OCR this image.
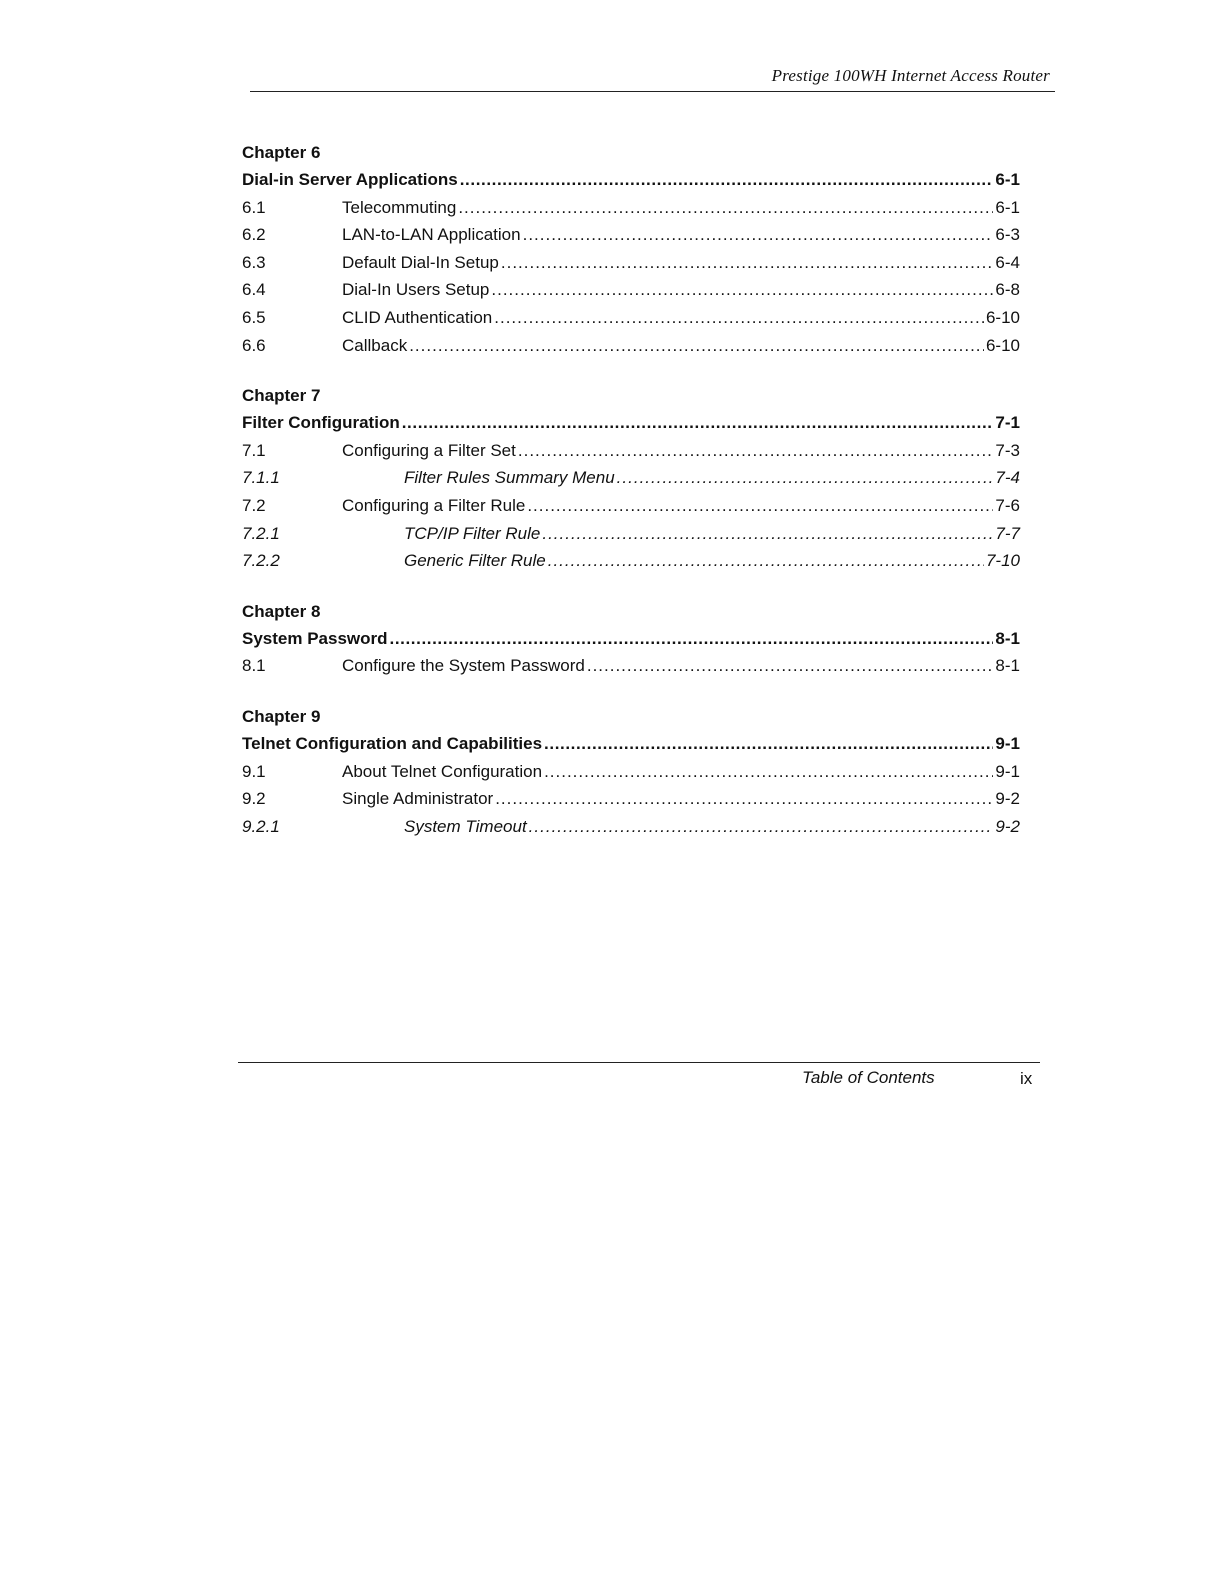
Prestige 100WH Internet Access Router
Chapter 6
Dial-in Server Applications .....	6-1
6.1	Telecommuting .....	6-1
6.2	LAN-to-LAN Application .....	6-3
6.3	Default Dial-In Setup .....	6-4
6.4	Dial-In Users Setup .....	6-8
6.5	CLID Authentication .....	6-10
6.6	Callback .....	6-10
Chapter 7
Filter Configuration .....	7-1
7.1	Configuring a Filter Set .....	7-3
7.1.1	Filter Rules Summary Menu .....	7-4
7.2	Configuring a Filter Rule .....	7-6
7.2.1	TCP/IP Filter Rule .....	7-7
7.2.2	Generic Filter Rule .....	7-10
Chapter 8
System Password .....	8-1
8.1	Configure the System Password .....	8-1
Chapter 9
Telnet Configuration and Capabilities .....	9-1
9.1	About Telnet Configuration .....	9-1
9.2	Single Administrator .....	9-2
9.2.1	System Timeout .....	9-2
Table of Contents	ix
